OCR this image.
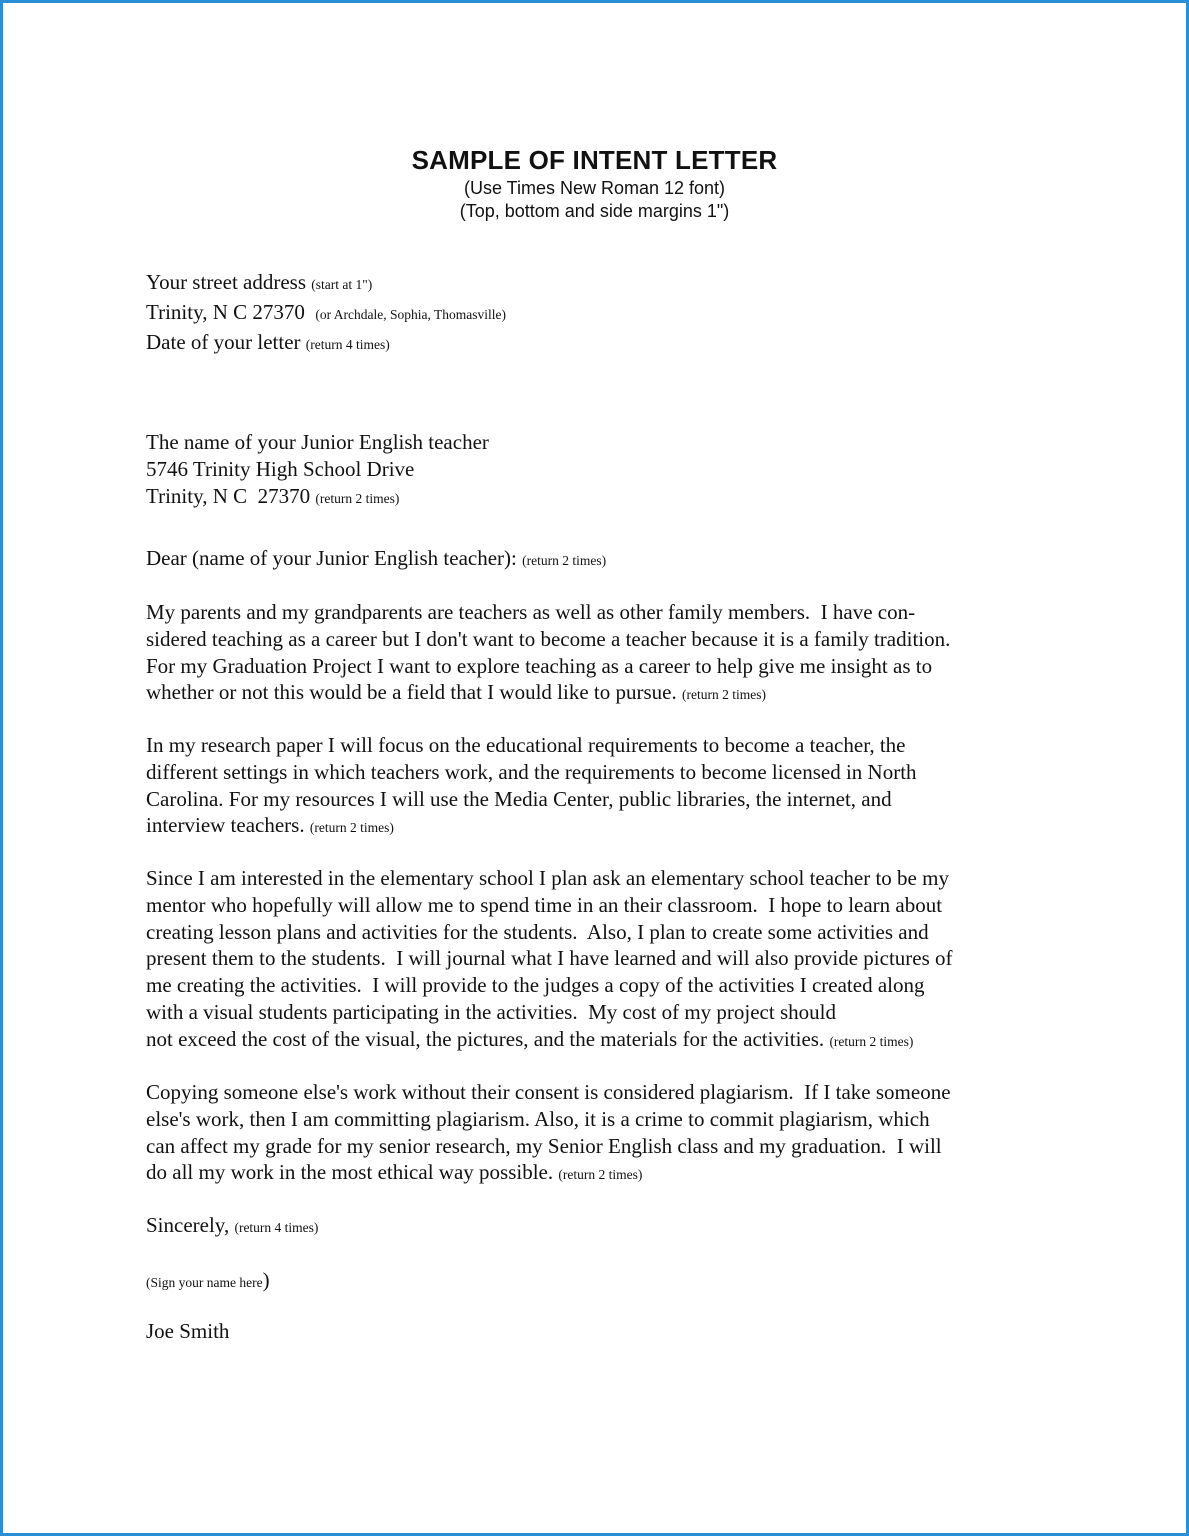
SAMPLE OF INTENT LETTER
(Use Times New Roman 12 font)
(Top, bottom and side margins 1")
Your street address (start at 1")
Trinity, N C 27370 (or Archdale, Sophia, Thomasville)
Date of your letter (return 4 times)
The name of your Junior English teacher
5746 Trinity High School Drive
Trinity, N C  27370 (return 2 times)
Dear (name of your Junior English teacher): (return 2 times)
My parents and my grandparents are teachers as well as other family members.  I have con-
sidered teaching as a career but I don't want to become a teacher because it is a family tradition.
For my Graduation Project I want to explore teaching as a career to help give me insight as to
whether or not this would be a field that I would like to pursue. (return 2 times)
In my research paper I will focus on the educational requirements to become a teacher, the
different settings in which teachers work, and the requirements to become licensed in North
Carolina. For my resources I will use the Media Center, public libraries, the internet, and
interview teachers. (return 2 times)
Since I am interested in the elementary school I plan ask an elementary school teacher to be my
mentor who hopefully will allow me to spend time in an their classroom.  I hope to learn about
creating lesson plans and activities for the students.  Also, I plan to create some activities and
present them to the students.  I will journal what I have learned and will also provide pictures of
me creating the activities.  I will provide to the judges a copy of the activities I created along
with a visual students participating in the activities.  My cost of my project should
not exceed the cost of the visual, the pictures, and the materials for the activities. (return 2 times)
Copying someone else's work without their consent is considered plagiarism.  If I take someone
else's work, then I am committing plagiarism. Also, it is a crime to commit plagiarism, which
can affect my grade for my senior research, my Senior English class and my graduation.  I will
do all my work in the most ethical way possible. (return 2 times)
Sincerely, (return 4 times)
(Sign your name here)
Joe Smith
